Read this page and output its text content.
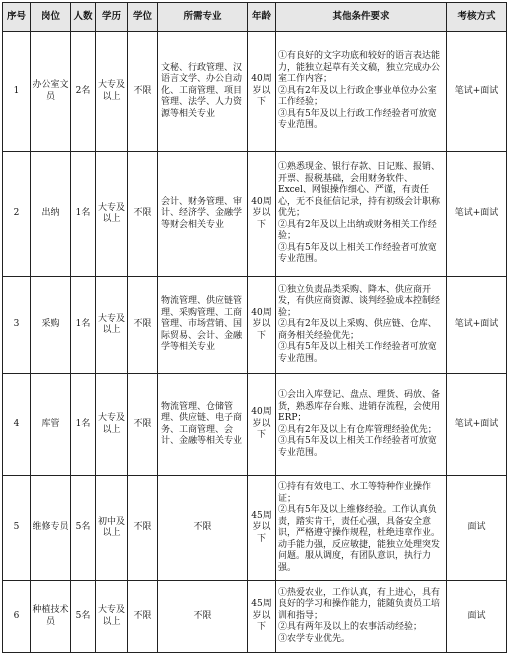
序号	岗位	人数	学历	学位	所需专业	年龄	其他条件要求	考核方式
1	办公室文员	2名	大专及以上	不限	文秘、行政管理、汉语言文学、办公自动化、工商管理、项目管理、法学、人力资源等相关专业	40周岁以下	①有良好的文字功底和较好的语言表达能力，能独立起草有关文稿，独立完成办公室工作内容；
②具有2年及以上行政企事业单位办公室工作经验；
③具有5年及以上行政工作经验者可放宽专业范围。	笔试+面试
2	出纳	1名	大专及以上	不限	会计、财务管理、审计、经济学、金融学等财会相关专业	40周岁以下	①熟悉现金、银行存款、日记账、报销、开票、报税基础，会用财务软件、Excel、网银操作细心、严谨，有责任心，无不良征信记录，持有初级会计职称优先；
②具有2年及以上出纳或财务相关工作经验；
③具有5年及以上相关工作经验者可放宽专业范围。	笔试+面试
3	采购	1名	大专及以上	不限	物流管理、供应链管理、采购管理、工商管理、市场营销、国际贸易、会计、金融学等相关专业	40周岁以下	①独立负责品类采购、降本、供应商开发，有供应商资源、谈判经验成本控制经验；
②具有2年及以上采购、供应链、仓库、商务相关经验优先；
③具有5年及以上相关工作经验者可放宽专业范围。	笔试+面试
4	库管	1名	大专及以上	不限	物流管理、仓储管理、供应链、电子商务、工商管理、会计、金融等相关专业	40周岁以下	①会出入库登记、盘点、理货、码放、备货，熟悉库存台账、进销存流程，会使用ERP；
②具有2年及以上有仓库管理经验优先；
③具有5年及以上相关工作经验者可放宽专业范围。	笔试+面试
5	维修专员	5名	初中及以上	不限	不限	45周岁以下	①持有有效电工、水工等特种作业操作证；
②具有5年及以上维修经验。工作认真负责，踏实肯干，责任心强，具备安全意识，严格遵守操作规程，杜绝违章作业。动手能力强，反应敏捷，能独立处理突发问题。服从调度，有团队意识，执行力强。	面试
6	种植技术员	5名	大专及以上	不限	不限	45周岁以下	①热爱农业，工作认真，有上进心，具有良好的学习和操作能力，能随负责员工培训和指导；
②具有两年及以上的农事活动经验；
③农学专业优先。	面试
